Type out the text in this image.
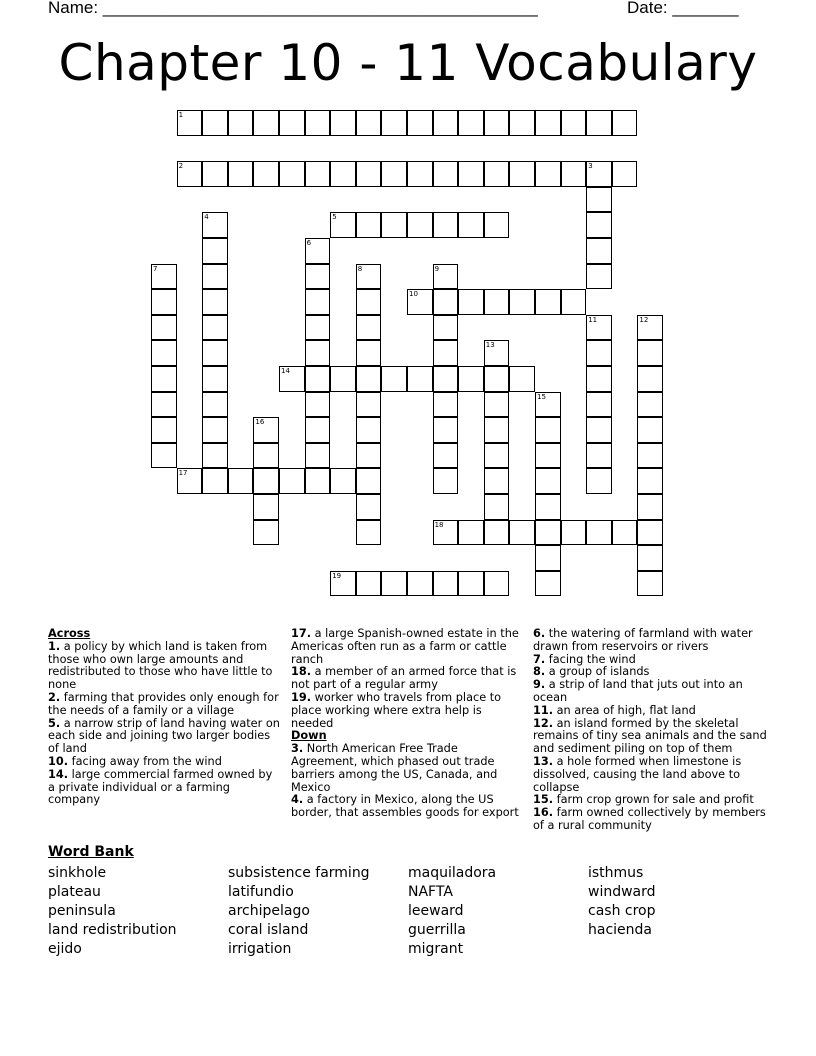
Name: ______________________________________________	Date: _______
Chapter 10 - 11 Vocabulary
1
2	3
4	5
6
7	8	9
10
11	12
13
14
15
16
17
18
19
Across
1. a policy by which land is taken from those who own large amounts and redistributed to those who have little to none
2. farming that provides only enough for the needs of a family or a village
5. a narrow strip of land having water on each side and joining two larger bodies of land
10. facing away from the wind
14. large commercial farmed owned by a private individual or a farming company
17. a large Spanish-owned estate in the Americas often run as a farm or cattle ranch
18. a member of an armed force that is not part of a regular army
19. worker who travels from place to place working where extra help is needed
Down
3. North American Free Trade Agreement, which phased out trade barriers among the US, Canada, and Mexico
4. a factory in Mexico, along the US border, that assembles goods for export
6. the watering of farmland with water drawn from reservoirs or rivers
7. facing the wind
8. a group of islands
9. a strip of land that juts out into an ocean
11. an area of high, flat land
12. an island formed by the skeletal remains of tiny sea animals and the sand and sediment piling on top of them
13. a hole formed when limestone is dissolved, causing the land above to collapse
15. farm crop grown for sale and profit
16. farm owned collectively by members of a rural community
Word Bank
sinkhole
plateau
peninsula
land redistribution
ejido
subsistence farming
latifundio
archipelago
coral island
irrigation
maquiladora
NAFTA
leeward
guerrilla
migrant
isthmus
windward
cash crop
hacienda
